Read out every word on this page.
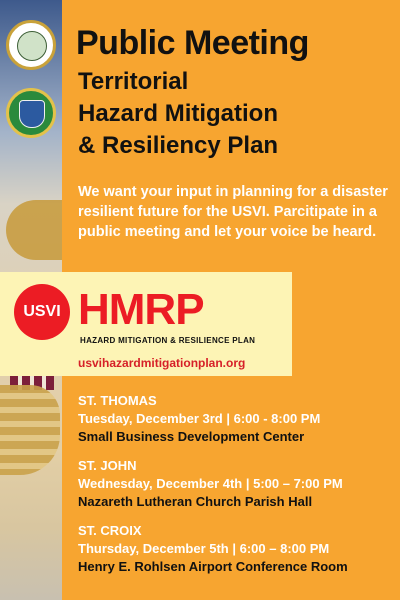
Public Meeting
Territorial
Hazard Mitigation
& Resiliency Plan
We want your input in planning for a disaster resilient future for the USVI. Parcitipate in a public meeting and let your voice be heard.
USVI HMRP
HAZARD MITIGATION & RESILIENCE PLAN
usvihazardmitigationplan.org
ST. THOMAS
Tuesday, December 3rd | 6:00 - 8:00 PM
Small Business Development Center
ST. JOHN
Wednesday, December 4th | 5:00 – 7:00 PM
Nazareth Lutheran Church Parish Hall
ST. CROIX
Thursday, December 5th | 6:00 – 8:00 PM
Henry E. Rohlsen Airport Conference Room
